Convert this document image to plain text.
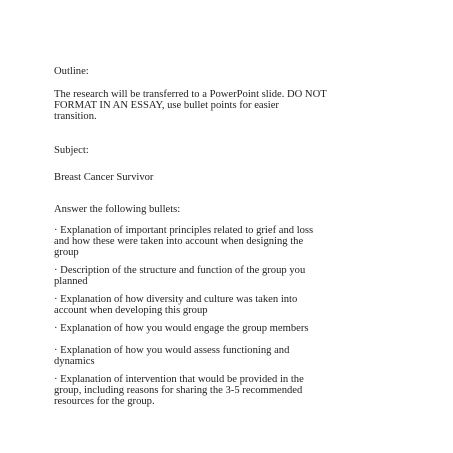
Outline:

The research will be transferred to a PowerPoint slide. DO NOT

FORMAT IN AN ESSAY, use bullet points for easier

transition.

Subject:

Breast Cancer Survivor

Answer the following bullets:

· Explanation of important principles related to grief and loss

and how these were taken into account when designing the

group

· Description of the structure and function of the group you

planned

· Explanation of how diversity and culture was taken into

account when developing this group

· Explanation of how you would engage the group members

· Explanation of how you would assess functioning and

dynamics

· Explanation of intervention that would be provided in the

group, including reasons for sharing the 3-5 recommended

resources for the group.
